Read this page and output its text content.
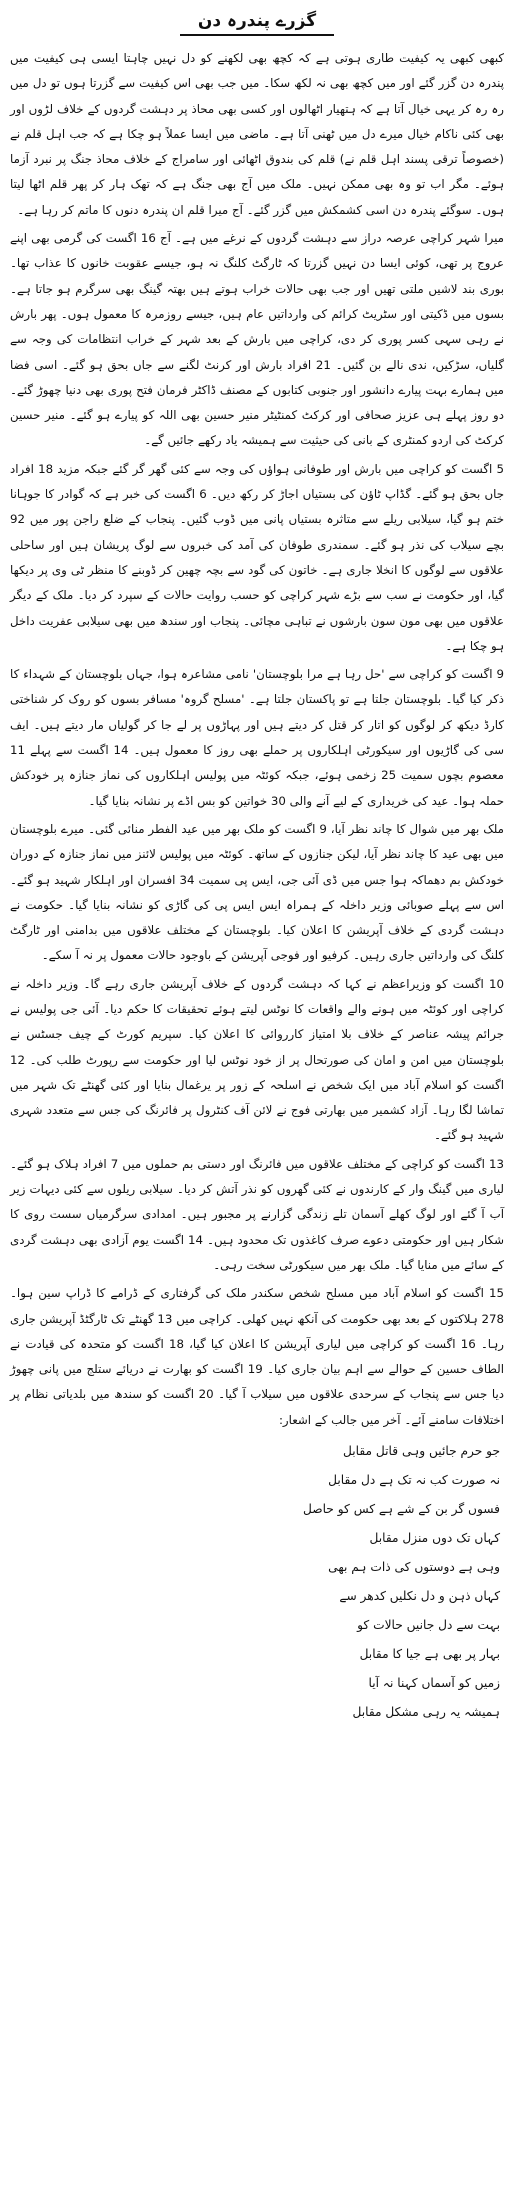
گزرے پندرہ دن

کبھی کبھی یہ کیفیت طاری ہوتی ہے کہ کچھ بھی لکھنے کو دل نہیں چاہتا ایسی ہی کیفیت میں پندرہ دن گزر گئے اور میں کچھ بھی نہ لکھ سکا۔ میں جب بھی اس کیفیت سے گزرتا ہوں تو دل میں رہ رہ کر یہی خیال آتا ہے کہ ہتھیار اٹھالوں اور کسی بھی محاذ پر دہشت گردوں کے خلاف لڑوں اور بھی کئی ناکام خیال میرے دل میں ٹھنی آتا ہے۔ ماضی میں ایسا عملاً ہو چکا ہے کہ جب اہل قلم نے (خصوصاً ترقی پسند اہل قلم نے) قلم کی بندوق اٹھائی اور سامراج کے خلاف محاذ جنگ پر نبرد آزما ہوئے۔ مگر اب تو وہ بھی ممکن نہیں۔ ملک میں آج بھی جنگ ہے کہ تھک ہار کر پھر قلم اٹھا لیتا ہوں۔ سوگئے پندرہ دن اسی کشمکش میں گزر گئے۔ آج میرا قلم ان پندرہ دنوں کا ماتم کر رہا ہے۔

میرا شہر کراچی عرصہ دراز سے دہشت گردوں کے نرغے میں ہے۔ آج 16 اگست کی گرمی بھی اپنے عروج پر تھی، کوئی ایسا دن نہیں گزرتا کہ ٹارگٹ کلنگ نہ ہو، جیسے عقوبت خانوں کا عذاب تھا۔ بوری بند لاشیں ملتی تھیں اور جب بھی حالات خراب ہوتے ہیں بھتہ گینگ بھی سرگرم ہو جاتا ہے۔ بسوں میں ڈکیتی اور سٹریٹ کرائم کی وارداتیں عام ہیں، جیسے روزمرہ کا معمول ہوں۔ پھر بارش نے رہی سہی کسر پوری کر دی، کراچی میں بارش کے بعد شہر کے خراب انتظامات کی وجہ سے گلیاں، سڑکیں، ندی نالے بن گئیں۔ 21 افراد بارش اور کرنٹ لگنے سے جاں بحق ہو گئے۔ اسی فضا میں ہمارے بہت پیارے دانشور اور جنوبی کتابوں کے مصنف ڈاکٹر فرمان فتح پوری بھی دنیا چھوڑ گئے۔ دو روز پہلے ہی عزیز صحافی اور کرکٹ کمنٹیٹر منیر حسین بھی اللہ کو پیارے ہو گئے۔ منیر حسین کرکٹ کی اردو کمنٹری کے بانی کی حیثیت سے ہمیشہ یاد رکھے جائیں گے۔

5 اگست کو کراچی میں بارش اور طوفانی ہواؤں کی وجہ سے کئی گھر گر گئے جبکہ مزید 18 افراد جاں بحق ہو گئے۔ گڈاپ ٹاؤن کی بستیاں اجاڑ کر رکھ دیں۔ 6 اگست کی خبر ہے کہ گوادر کا جوہانا ختم ہو گیا، سیلابی ریلے سے متاثرہ بستیاں پانی میں ڈوب گئیں۔ پنجاب کے ضلع راجن پور میں 92 بچے سیلاب کی نذر ہو گئے۔ سمندری طوفان کی آمد کی خبروں سے لوگ پریشان ہیں اور ساحلی علاقوں سے لوگوں کا انخلا جاری ہے۔ خاتون کی گود سے بچہ چھین کر ڈوبنے کا منظر ٹی وی پر دیکھا گیا، اور حکومت نے سب سے بڑے شہر کراچی کو حسب روایت حالات کے سپرد کر دیا۔ ملک کے دیگر علاقوں میں بھی مون سون بارشوں نے تباہی مچائی۔ پنجاب اور سندھ میں بھی سیلابی عفریت داخل ہو چکا ہے۔

9 اگست کو کراچی سے 'حل رہا ہے مرا بلوچستان' نامی مشاعرہ ہوا، جہاں بلوچستان کے شہداء کا ذکر کیا گیا۔ بلوچستان جلتا ہے تو پاکستان جلتا ہے۔ 'مسلح گروہ' مسافر بسوں کو روک کر شناختی کارڈ دیکھ کر لوگوں کو اتار کر قتل کر دیتے ہیں اور پہاڑوں پر لے جا کر گولیاں مار دیتے ہیں۔ ایف سی کی گاڑیوں اور سیکورٹی اہلکاروں پر حملے بھی روز کا معمول ہیں۔ 14 اگست سے پہلے 11 معصوم بچوں سمیت 25 زخمی ہوئے، جبکہ کوئٹہ میں پولیس اہلکاروں کی نماز جنازہ پر خودکش حملہ ہوا۔ عید کی خریداری کے لیے آنے والی 30 خواتین کو بس اڈے پر نشانہ بنایا گیا۔

ملک بھر میں شوال کا چاند نظر آیا، 9 اگست کو ملک بھر میں عید الفطر منائی گئی۔ میرے بلوچستان میں بھی عید کا چاند نظر آیا، لیکن جنازوں کے ساتھ۔ کوئٹہ میں پولیس لائنز میں نماز جنازہ کے دوران خودکش بم دھماکہ ہوا جس میں ڈی آئی جی، ایس پی سمیت 34 افسران اور اہلکار شہید ہو گئے۔ اس سے پہلے صوبائی وزیر داخلہ کے ہمراہ ایس ایس پی کی گاڑی کو نشانہ بنایا گیا۔ حکومت نے دہشت گردی کے خلاف آپریشن کا اعلان کیا۔ بلوچستان کے مختلف علاقوں میں بدامنی اور ٹارگٹ کلنگ کی وارداتیں جاری رہیں۔ کرفیو اور فوجی آپریشن کے باوجود حالات معمول پر نہ آ سکے۔

10 اگست کو وزیراعظم نے کہا کہ دہشت گردوں کے خلاف آپریشن جاری رہے گا۔ وزیر داخلہ نے کراچی اور کوئٹہ میں ہونے والے واقعات کا نوٹس لیتے ہوئے تحقیقات کا حکم دیا۔ آئی جی پولیس نے جرائم پیشہ عناصر کے خلاف بلا امتیاز کارروائی کا اعلان کیا۔ سپریم کورٹ کے چیف جسٹس نے بلوچستان میں امن و امان کی صورتحال پر از خود نوٹس لیا اور حکومت سے رپورٹ طلب کی۔ 12 اگست کو اسلام آباد میں ایک شخص نے اسلحہ کے زور پر یرغمال بنایا اور کئی گھنٹے تک شہر میں تماشا لگا رہا۔ آزاد کشمیر میں بھارتی فوج نے لائن آف کنٹرول پر فائرنگ کی جس سے متعدد شہری شہید ہو گئے۔

13 اگست کو کراچی کے مختلف علاقوں میں فائرنگ اور دستی بم حملوں میں 7 افراد ہلاک ہو گئے۔ لیاری میں گینگ وار کے کارندوں نے کئی گھروں کو نذر آتش کر دیا۔ سیلابی ریلوں سے کئی دیہات زیر آب آ گئے اور لوگ کھلے آسمان تلے زندگی گزارنے پر مجبور ہیں۔ امدادی سرگرمیاں سست روی کا شکار ہیں اور حکومتی دعوے صرف کاغذوں تک محدود ہیں۔ 14 اگست یوم آزادی بھی دہشت گردی کے سائے میں منایا گیا۔ ملک بھر میں سیکورٹی سخت رہی۔

15 اگست کو اسلام آباد میں مسلح شخص سکندر ملک کی گرفتاری کے ڈرامے کا ڈراپ سین ہوا۔ 278 ہلاکتوں کے بعد بھی حکومت کی آنکھ نہیں کھلی۔ کراچی میں 13 گھنٹے تک ٹارگٹڈ آپریشن جاری رہا۔ 16 اگست کو کراچی میں لیاری آپریشن کا اعلان کیا گیا، 18 اگست کو متحدہ کی قیادت نے الطاف حسین کے حوالے سے اہم بیان جاری کیا۔ 19 اگست کو بھارت نے دریائے ستلج میں پانی چھوڑ دیا جس سے پنجاب کے سرحدی علاقوں میں سیلاب آ گیا۔ 20 اگست کو سندھ میں بلدیاتی نظام پر اختلافات سامنے آئے۔ آخر میں جالب کے اشعار:

جو حرم جائیں وہی قاتل مقابل
نہ صورت کب نہ تک ہے دل مقابل
فسوں گر بن کے شے ہے کس کو حاصل
کہاں تک دوں منزل مقابل
وہی ہے دوستوں کی ذات ہم بھی
کہاں ذہن و دل نکلیں کدھر سے
بہت سے دل جانیں حالات کو
بہار پر بھی ہے جیا کا مقابل
زمیں کو آسماں کہنا نہ آیا
ہمیشہ یہ رہی مشکل مقابل
